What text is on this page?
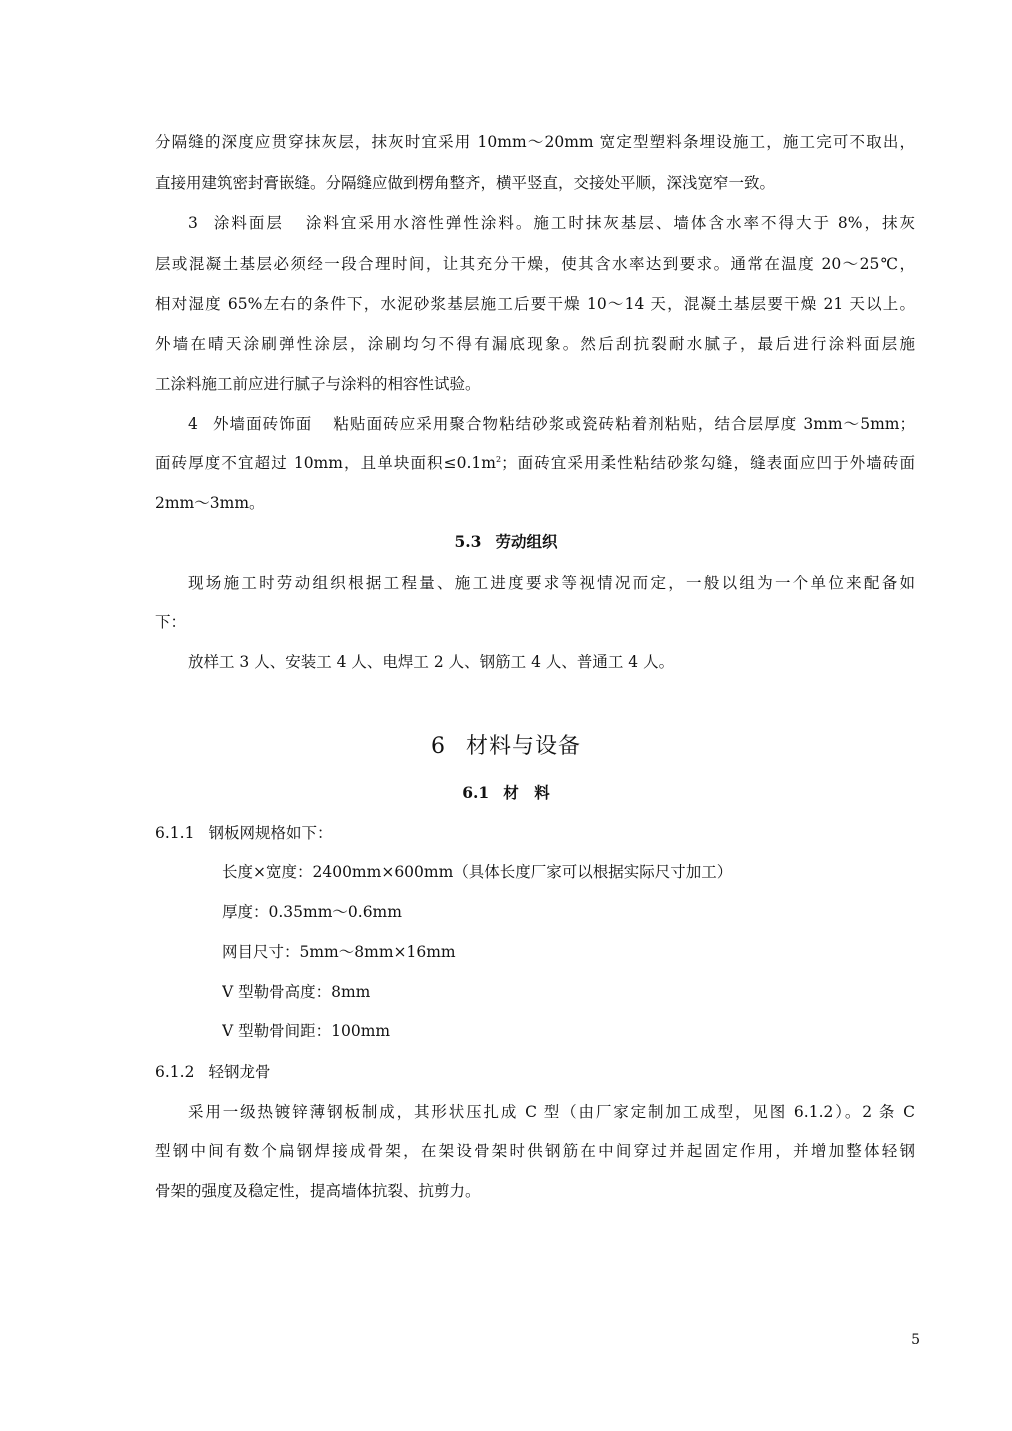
分隔缝的深度应贯穿抹灰层，抹灰时宜采用 10mm～20mm 宽定型塑料条埋设施工，施工完可不取出，
直接用建筑密封膏嵌缝。分隔缝应做到楞角整齐，横平竖直，交接处平顺，深浅宽窄一致。
3 涂料面层 涂料宜采用水溶性弹性涂料。施工时抹灰基层、墙体含水率不得大于 8%，抹灰
层或混凝土基层必须经一段合理时间，让其充分干燥，使其含水率达到要求。通常在温度 20～25℃，
相对湿度 65%左右的条件下，水泥砂浆基层施工后要干燥 10～14 天，混凝土基层要干燥 21 天以上。
外墙在晴天涂刷弹性涂层，涂刷均匀不得有漏底现象。然后刮抗裂耐水腻子，最后进行涂料面层施
工涂料施工前应进行腻子与涂料的相容性试验。
4 外墙面砖饰面 粘贴面砖应采用聚合物粘结砂浆或瓷砖粘着剂粘贴，结合层厚度 3mm～5mm；
面砖厚度不宜超过 10mm，且单块面积$\le 0.1m^2$；面砖宜采用柔性粘结砂浆勾缝，缝表面应凹于外墙砖面
2mm～3mm。
5.3 劳动组织
现场施工时劳动组织根据工程量、施工进度要求等视情况而定，一般以组为一个单位来配备如
下：
放样工 3 人、安装工 4 人、电焊工 2 人、钢筋工 4 人、普通工 4 人。
6 材料与设备
6.1 材　料
6.1.1 钢板网规格如下：
长度×宽度：2400mm×600mm（具体长度厂家可以根据实际尺寸加工）
厚度：0.35mm～0.6mm
网目尺寸：5mm～8mm×16mm
V 型勒骨高度：8mm
V 型勒骨间距：100mm
6.1.2 轻钢龙骨
采用一级热镀锌薄钢板制成，其形状压扎成 C 型（由厂家定制加工成型，见图 6.1.2）。2 条 C
型钢中间有数个扁钢焊接成骨架，在架设骨架时供钢筋在中间穿过并起固定作用，并增加整体轻钢
骨架的强度及稳定性，提高墙体抗裂、抗剪力。
5
